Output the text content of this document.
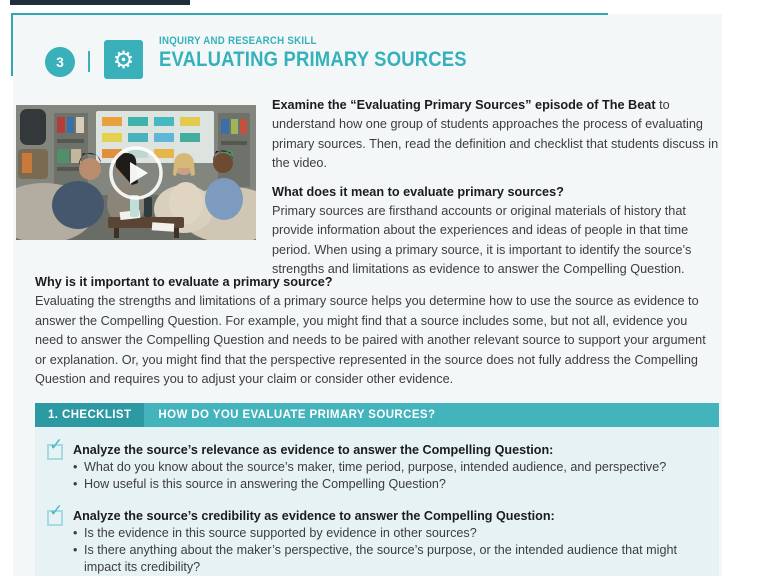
3 ⚙
INQUIRY AND RESEARCH SKILL
EVALUATING PRIMARY SOURCES

Examine the “Evaluating Primary Sources” episode of The Beat to understand how one group of students approaches the process of evaluating primary sources. Then, read the definition and checklist that students discuss in the video.

What does it mean to evaluate primary sources?

Primary sources are firsthand accounts or original materials of history that provide information about the experiences and ideas of people in that time period. When using a primary source, it is important to identify the source’s strengths and limitations as evidence to answer the Compelling Question.

Why is it important to evaluate a primary source?

Evaluating the strengths and limitations of a primary source helps you determine how to use the source as evidence to answer the Compelling Question. For example, you might find that a source includes some, but not all, evidence you need to answer the Compelling Question and needs to be paired with another relevant source to support your argument or explanation. Or, you might find that the perspective represented in the source does not fully address the Compelling Question and requires you to adjust your claim or consider other evidence.

1. CHECKLIST	HOW DO YOU EVALUATE PRIMARY SOURCES?
✓ Analyze the source’s relevance as evidence to answer the Compelling Question:
• What do you know about the source’s maker, time period, purpose, intended audience, and perspective?
• How useful is this source in answering the Compelling Question?
✓ Analyze the source’s credibility as evidence to answer the Compelling Question:
• Is the evidence in this source supported by evidence in other sources?
• Is there anything about the maker’s perspective, the source’s purpose, or the intended audience that might impact its credibility?
